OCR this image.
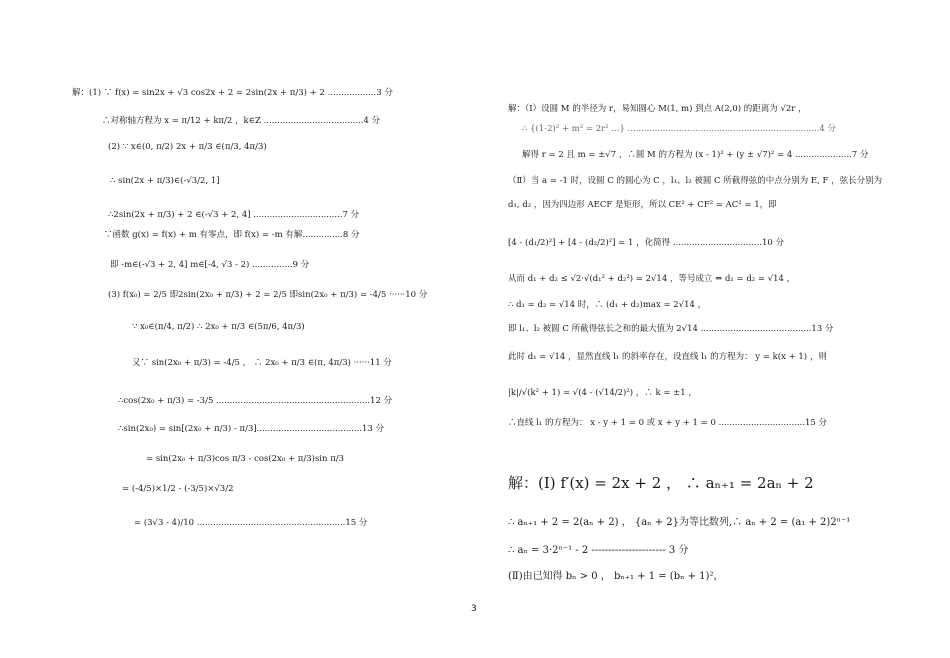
解：(1) ∵ f(x) = sin2x + √3 cos2x + 2 = 2sin(2x + π/3) + 2 ..................3 分
∴对称轴方程为 x = π/12 + kπ/2 ，k∈Z .....................................4 分
(2) ∵ x∈(0, π/2) 2x + π/3 ∈(π/3, 4π/3)
∴ sin(2x + π/3)∈(-√3/2, 1]
∴2sin(2x + π/3) + 2 ∈(-√3 + 2, 4] .................................7 分
∵函数 g(x) = f(x) + m 有零点，即 f(x) = -m 有解...............8 分
即 -m∈(-√3 + 2, 4] m∈[-4, √3 - 2) ...............9 分
(3) f(x₀) = 2/5 即2sin(2x₀ + π/3) + 2 = 2/5 即sin(2x₀ + π/3) = -4/5 ······10 分
∵ x₀∈(π/4, π/2) ∴ 2x₀ + π/3 ∈(5π/6, 4π/3)
又∵ sin(2x₀ + π/3) = -4/5 ， ∴ 2x₀ + π/3 ∈(π, 4π/3) ······11 分
∴cos(2x₀ + π/3) = -3/5 .........................................................12 分
∴sin(2x₀) = sin[(2x₀ + π/3) - π/3].......................................13 分
= sin(2x₀ + π/3)cos π/3 - cos(2x₀ + π/3)sin π/3
= (-4/5)×1/2 - (-3/5)×√3/2
= (3√3 - 4)/10 .......................................................15 分
解：（Ⅰ）设圆 M 的半径为 r，易知圆心 M(1, m) 到点 A(2,0) 的距离为 √2r ，
∴ {(1-2)² + m² = 2r² ...} .......................................................................4 分
解得 r = 2 且 m = ±√7 ，∴圆 M 的方程为 (x - 1)² + (y ± √7)² = 4 .....................7 分
（Ⅱ）当 a = -1 时，设圆 C 的圆心为 C ，l₁、l₂ 被圆 C 所截得弦的中点分别为 E, F ，弦长分别为
d₁, d₂ ，因为四边形 AECF 是矩形，所以 CE² + CF² = AC² = 1，即
[4 - (d₁/2)²] + [4 - (d₂/2)²] = 1 ，化简得 .................................10 分
从而 d₁ + d₂ ≤ √2·√(d₁² + d₂²) = 2√14 ，等号成立 ⇔ d₁ = d₂ = √14 ，
∴ d₁ = d₂ = √14 时，∴ (d₁ + d₂)max = 2√14 ，
即 l₁、l₂ 被圆 C 所截得弦长之和的最大值为 2√14 .........................................13 分
此时 d₁ = √14 ，显然直线 l₁ 的斜率存在，设直线 l₁ 的方程为： y = k(x + 1) ，则
|k|/√(k² + 1) = √(4 - (√14/2)²) ，∴ k = ±1 ，
∴直线 l₁ 的方程为： x - y + 1 = 0 或 x + y + 1 = 0 ................................15 分
解：(I) f′(x) = 2x + 2 ， ∴ aₙ₊₁ = 2aₙ + 2
∴ aₙ₊₁ + 2 = 2(aₙ + 2) ， {aₙ + 2}为等比数列,∴ aₙ + 2 = (a₁ + 2)2ⁿ⁻¹
∴ aₙ = 3·2ⁿ⁻¹ - 2 ---------------------- 3 分
(Ⅱ)由已知得 bₙ > 0 ， bₙ₊₁ + 1 = (bₙ + 1)²，
3
